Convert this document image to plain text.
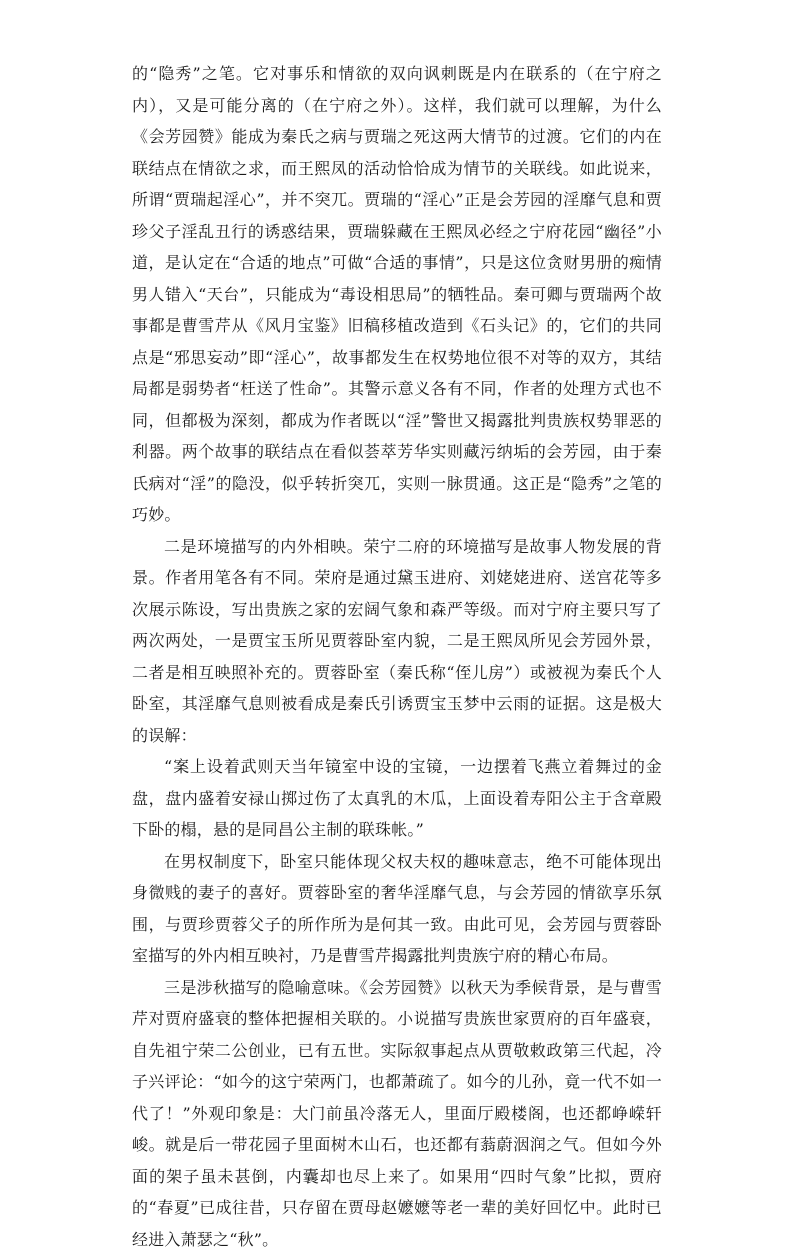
的“隐秀”之笔。它对事乐和情欲的双向讽刺既是内在联系的（在宁府之内），又是可能分离的（在宁府之外）。这样，我们就可以理解，为什么《会芳园赞》能成为秦氏之病与贾瑞之死这两大情节的过渡。它们的内在联结点在情欲之求，而王熙凤的活动恰恰成为情节的关联线。如此说来，所谓“贾瑞起淫心”，并不突兀。贾瑞的“淫心”正是会芳园的淫靡气息和贾珍父子淫乱丑行的诱惑结果，贾瑞躲藏在王熙凤必经之宁府花园“幽径”小道，是认定在“合适的地点”可做“合适的事情”，只是这位贪财男册的痴情男人错入“天台”，只能成为“毒设相思局”的牺牲品。秦可卿与贾瑞两个故事都是曹雪芹从《风月宝鉴》旧稿移植改造到《石头记》的，它们的共同点是“邪思妄动”即“淫心”，故事都发生在权势地位很不对等的双方，其结局都是弱势者“枉送了性命”。其警示意义各有不同，作者的处理方式也不同，但都极为深刻，都成为作者既以“淫”警世又揭露批判贵族权势罪恶的利器。两个故事的联结点在看似荟萃芳华实则藏污纳垢的会芳园，由于秦氏病对“淫”的隐没，似乎转折突兀，实则一脉贯通。这正是“隐秀”之笔的巧妙。

二是环境描写的内外相映。荣宁二府的环境描写是故事人物发展的背景。作者用笔各有不同。荣府是通过黛玉进府、刘姥姥进府、送宫花等多次展示陈设，写出贵族之家的宏阔气象和森严等级。而对宁府主要只写了两次两处，一是贾宝玉所见贾蓉卧室内貌，二是王熙凤所见会芳园外景，二者是相互映照补充的。贾蓉卧室（秦氏称“侄儿房”）或被视为秦氏个人卧室，其淫靡气息则被看成是秦氏引诱贾宝玉梦中云雨的证据。这是极大的误解：

“案上设着武则天当年镜室中设的宝镜，一边摆着飞燕立着舞过的金盘，盘内盛着安禄山掷过伤了太真乳的木瓜，上面设着寿阳公主于含章殿下卧的榻，悬的是同昌公主制的联珠帐。”

在男权制度下，卧室只能体现父权夫权的趣味意志，绝不可能体现出身微贱的妻子的喜好。贾蓉卧室的奢华淫靡气息，与会芳园的情欲享乐氛围，与贾珍贾蓉父子的所作所为是何其一致。由此可见，会芳园与贾蓉卧室描写的外内相互映衬，乃是曹雪芹揭露批判贵族宁府的精心布局。

三是涉秋描写的隐喻意味。《会芳园赞》以秋天为季候背景，是与曹雪芹对贾府盛衰的整体把握相关联的。小说描写贵族世家贾府的百年盛衰，自先祖宁荣二公创业，已有五世。实际叙事起点从贾敬敕政第三代起，冷子兴评论：“如今的这宁荣两门，也都萧疏了。如今的儿孙，竟一代不如一代了！”外观印象是：大门前虽冷落无人，里面厅殿楼阁，也还都峥嵘轩峻。就是后一带花园子里面树木山石，也还都有蓊蔚洇润之气。但如今外面的架子虽未甚倒，内囊却也尽上来了。如果用“四时气象”比拟，贾府的“春夏”已成往昔，只存留在贾母赵嬷嬷等老一辈的美好回忆中。此时已经进入萧瑟之“秋”。
